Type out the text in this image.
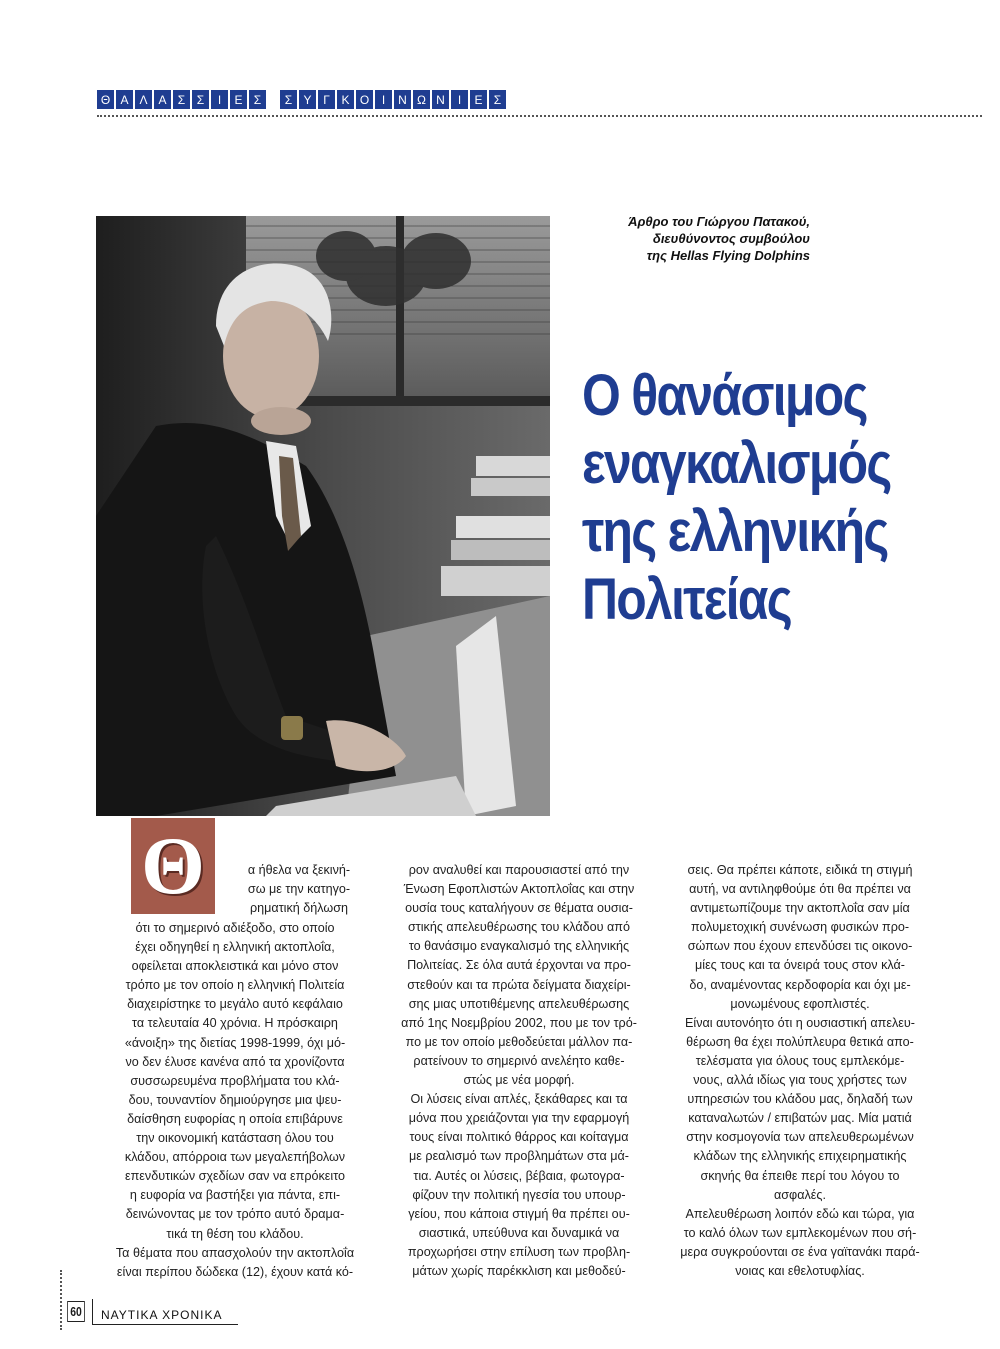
Θ Α Λ Α Σ Σ	Ι	Ε Σ	Σ Υ Γ Κ Ο	Ι	Ν Ω Ν	Ι	Ε Σ
Άρθρο του Γιώργου Πατακού,
διευθύνοντος συμβούλου
της Hellas Flying Dolphins
Ο θανάσιμος
εναγκαλισμός
της ελληνικής
Πολιτείας
Θ	α ήθελα να ξεκινή-
σω με την κατηγο-
ρηματική δήλωση
ότι το σημερινό αδιέξοδο, στο οποίο
έχει οδηγηθεί η ελληνική ακτοπλοΐα,
οφείλεται αποκλειστικά και μόνο στον
τρόπο με τον οποίο η ελληνική Πολιτεία
διαχειρίστηκε το μεγάλο αυτό κεφάλαιο
τα τελευταία 40 χρόνια. Η πρόσκαιρη
«άνοιξη» της διετίας 1998-1999, όχι μό-
νο δεν έλυσε κανένα από τα χρονίζοντα
συσσωρευμένα προβλήματα του κλά-
δου, τουναντίον δημιούργησε μια ψευ-
δαίσθηση ευφορίας η οποία επιβάρυνε
την οικονομική κατάσταση όλου του
κλάδου, απόρροια των μεγαλεπήβολων
επενδυτικών σχεδίων σαν να επρόκειτο
η ευφορία να βαστήξει για πάντα, επι-
δεινώνοντας με τον τρόπο αυτό δραμα-
τικά τη θέση του κλάδου.
Τα θέματα που απασχολούν την ακτοπλοΐα
είναι περίπου δώδεκα (12), έχουν κατά κό-
ρον αναλυθεί και παρουσιαστεί από την
Ένωση Εφοπλιστών Ακτοπλοΐας και στην
ουσία τους καταλήγουν σε θέματα ουσια-
στικής απελευθέρωσης του κλάδου από
το θανάσιμο εναγκαλισμό της ελληνικής
Πολιτείας. Σε όλα αυτά έρχονται να προ-
στεθούν και τα πρώτα δείγματα διαχείρι-
σης μιας υποτιθέμενης απελευθέρωσης
από 1ης Νοεμβρίου 2002, που με τον τρό-
πο με τον οποίο μεθοδεύεται μάλλον πα-
ρατείνουν το σημερινό ανελέητο καθε-
στώς με νέα μορφή.
Οι λύσεις είναι απλές, ξεκάθαρες και τα
μόνα που χρειάζονται για την εφαρμογή
τους είναι πολιτικό θάρρος και κοίταγμα
με ρεαλισμό των προβλημάτων στα μά-
τια. Αυτές οι λύσεις, βέβαια, φωτογρα-
φίζουν την πολιτική ηγεσία του υπουρ-
γείου, που κάποια στιγμή θα πρέπει ου-
σιαστικά, υπεύθυνα και δυναμικά να
προχωρήσει στην επίλυση των προβλη-
μάτων χωρίς παρέκκλιση και μεθοδεύ-
σεις. Θα πρέπει κάποτε, ειδικά τη στιγμή
αυτή, να αντιληφθούμε ότι θα πρέπει να
αντιμετωπίζουμε την ακτοπλοΐα σαν μία
πολυμετοχική συνένωση φυσικών προ-
σώπων που έχουν επενδύσει τις οικονο-
μίες τους και τα όνειρά τους στον κλά-
δο, αναμένοντας κερδοφορία και όχι με-
μονωμένους εφοπλιστές.
Είναι αυτονόητο ότι η ουσιαστική απελευ-
θέρωση θα έχει πολύπλευρα θετικά απο-
τελέσματα για όλους τους εμπλεκόμε-
νους, αλλά ιδίως για τους χρήστες των
υπηρεσιών του κλάδου μας, δηλαδή των
καταναλωτών / επιβατών μας. Μία ματιά
στην κοσμογονία των απελευθερωμένων
κλάδων της ελληνικής επιχειρηματικής
σκηνής θα έπειθε περί του λόγου το
ασφαλές.
Απελευθέρωση λοιπόν εδώ και τώρα, για
το καλό όλων των εμπλεκομένων που σή-
μερα συγκρούονται σε ένα γαϊτανάκι παρά-
νοιας και εθελοτυφλίας.
60 ΝΑΥΤΙΚΑ ΧΡΟΝΙΚΑ
